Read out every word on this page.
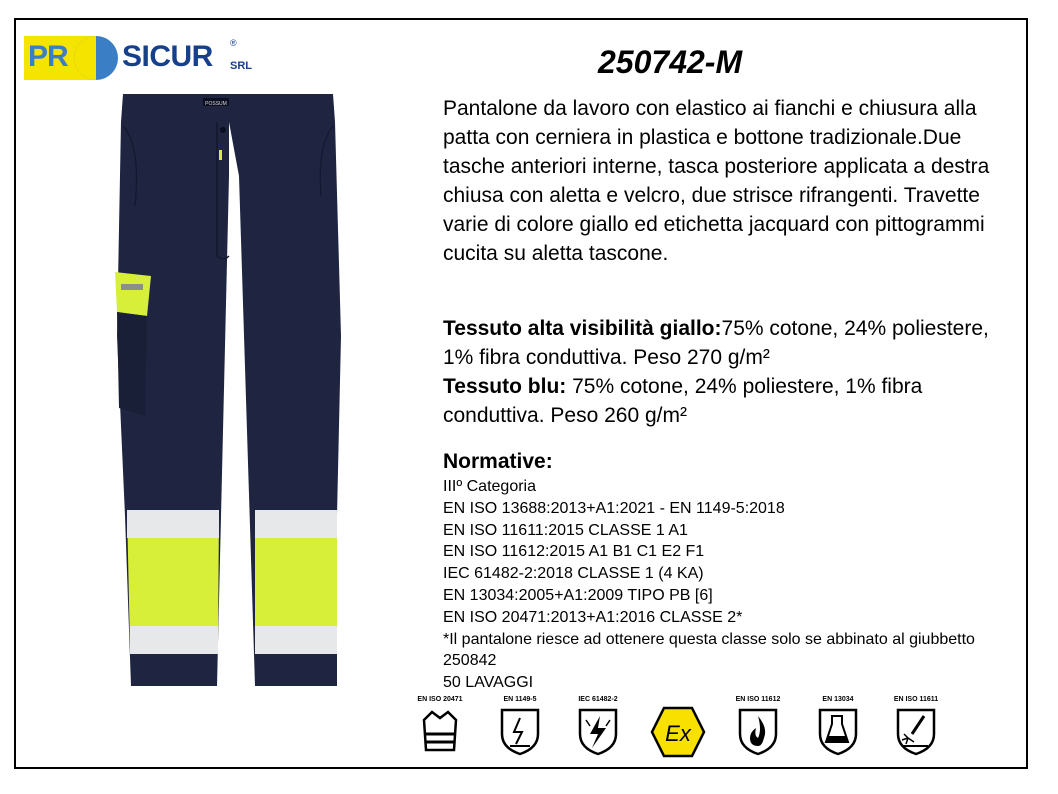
PR SICUR ®
SRL	250742-M
Pantalone da lavoro con elastico ai fianchi e chiusura alla patta con cerniera in plastica e bottone tradizionale.Due tasche anteriori interne, tasca posteriore applicata a destra chiusa con aletta e velcro, due strisce rifrangenti. Travette varie di colore giallo ed etichetta jacquard con pittogrammi cucita su aletta tascone.
Tessuto alta visibilità giallo:75% cotone, 24% poliestere, 1% fibra conduttiva. Peso 270 g/m²
Tessuto blu: 75% cotone, 24% poliestere, 1% fibra conduttiva. Peso 260 g/m²
Normative:
IIIº Categoria
EN ISO 13688:2013+A1:2021 - EN 1149-5:2018
EN ISO 11611:2015 CLASSE 1 A1
EN ISO 11612:2015 A1 B1 C1 E2 F1
IEC 61482-2:2018 CLASSE 1 (4 KA)
EN 13034:2005+A1:2009 TIPO PB [6]
EN ISO 20471:2013+A1:2016 CLASSE 2*
*Il pantalone riesce ad ottenere questa classe solo se abbinato al giubbetto 250842
50 LAVAGGI
POSSUM
EN ISO 20471	EN 1149-5	IEC 61482-2
Ex
EN ISO 11612	EN 13034	EN ISO 11611
